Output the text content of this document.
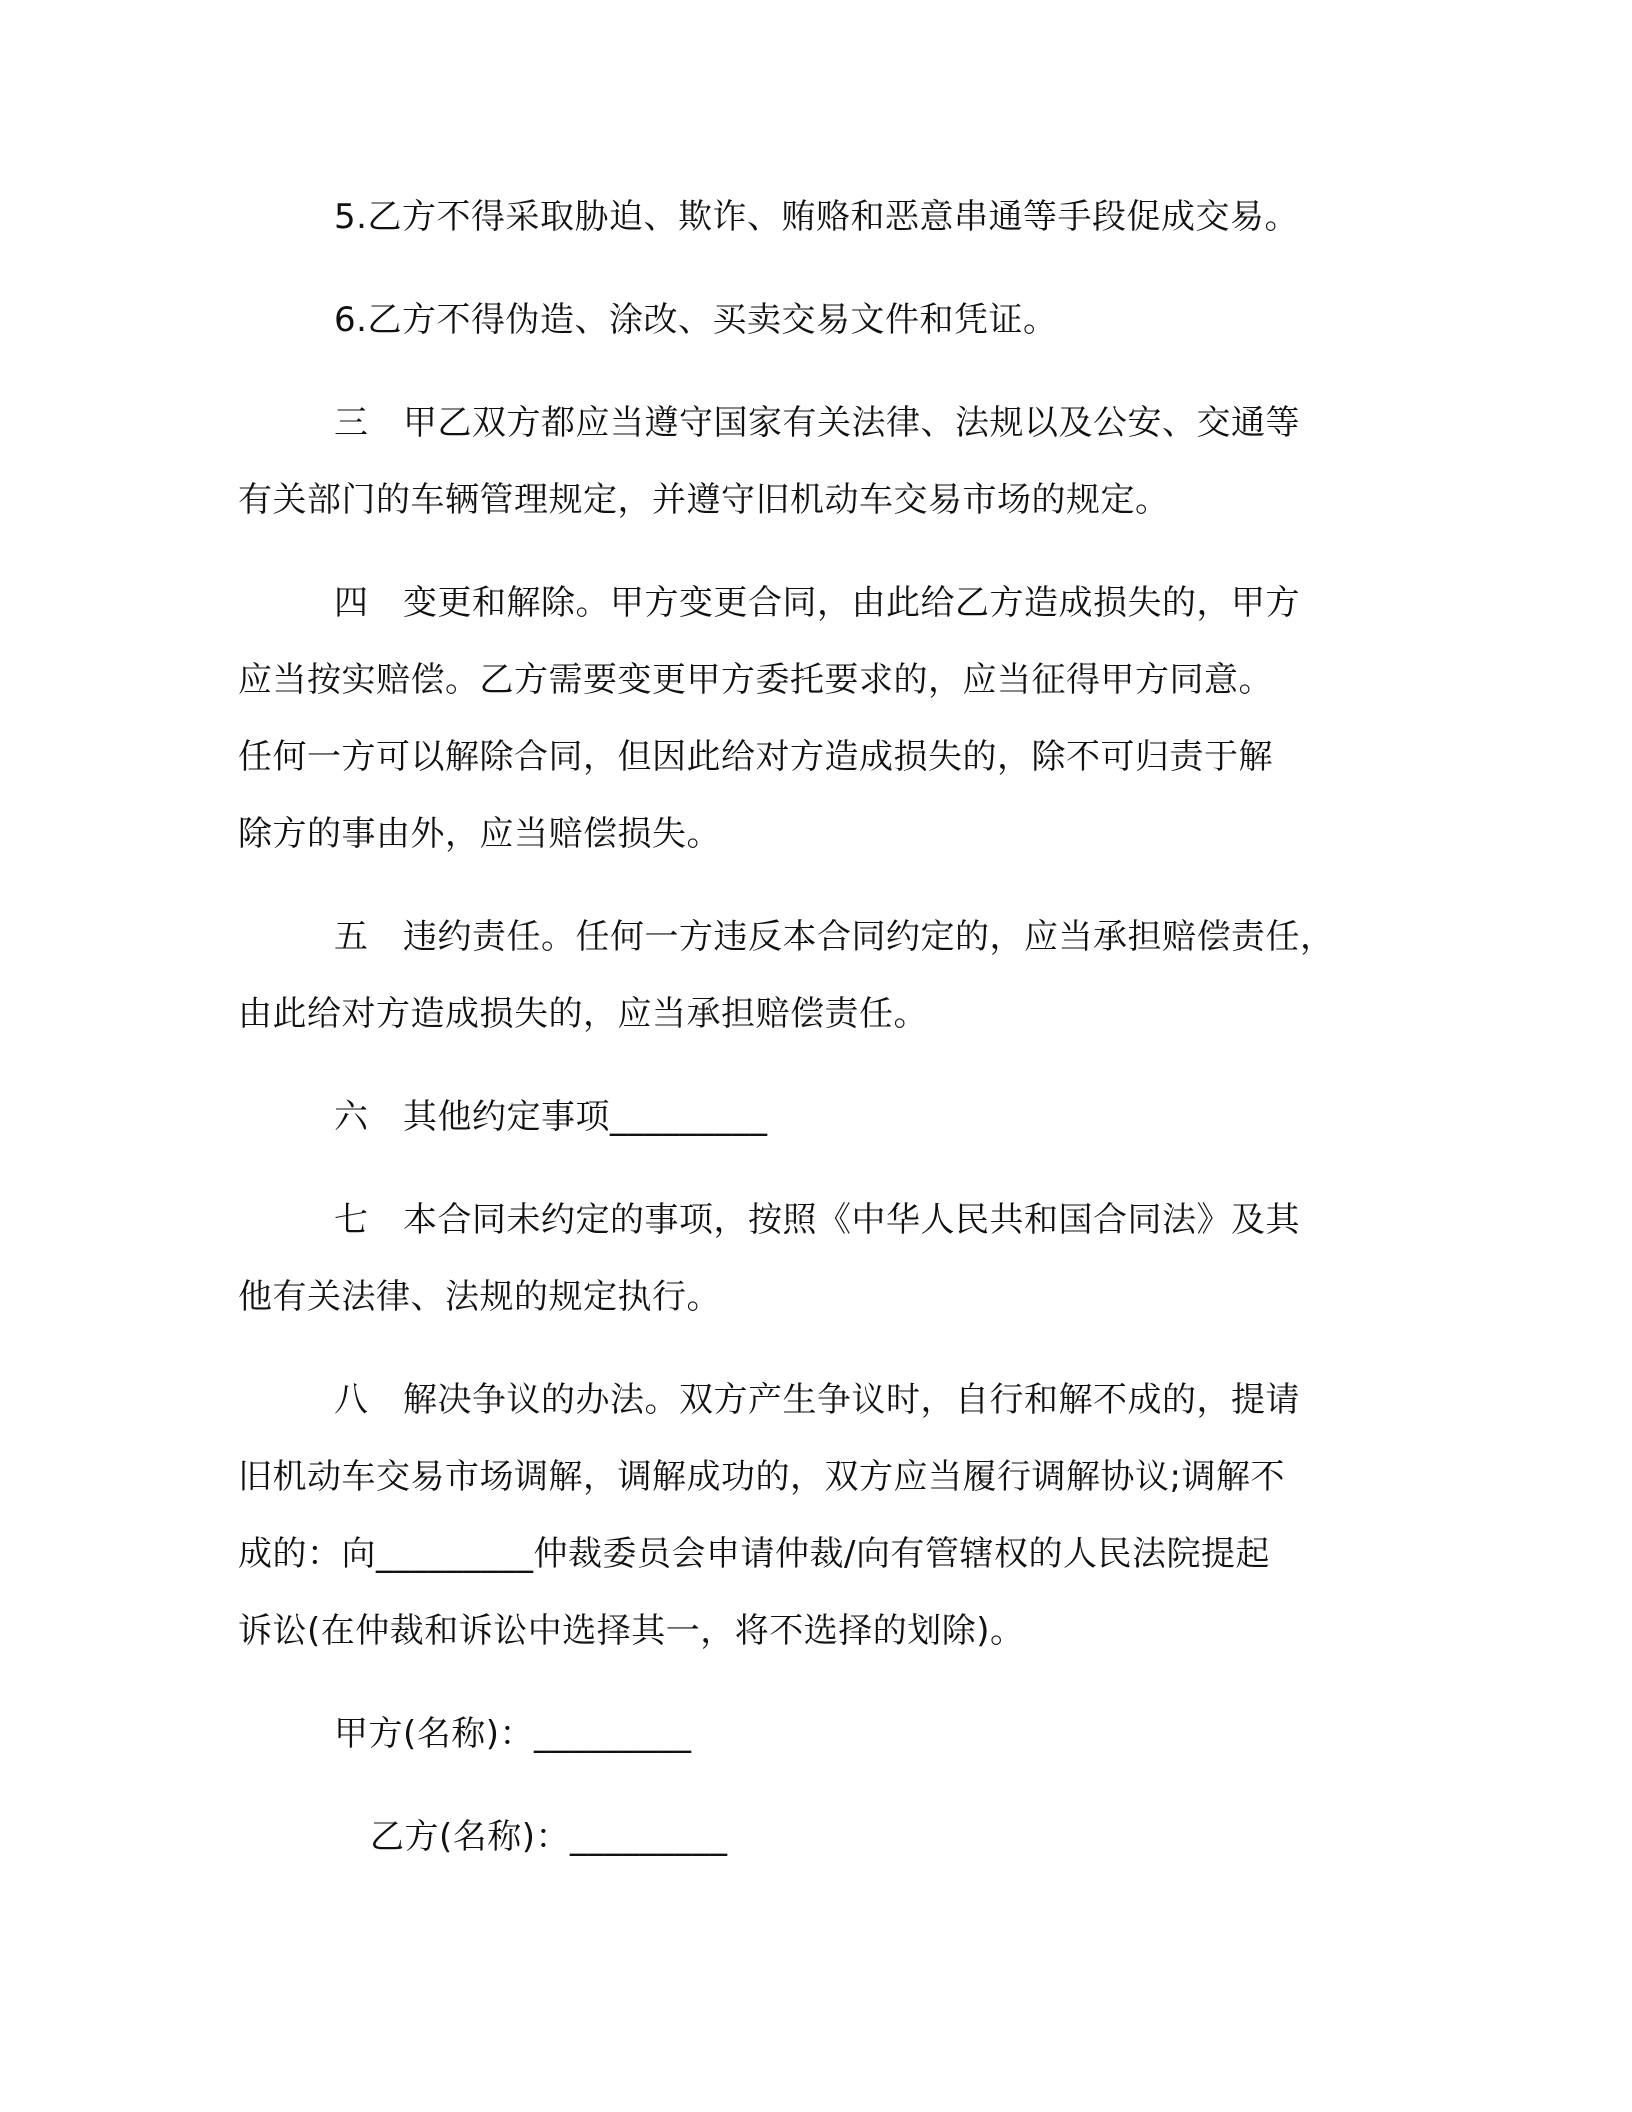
5.乙方不得采取胁迫、欺诈、贿赂和恶意串通等手段促成交易。
6.乙方不得伪造、涂改、买卖交易文件和凭证。
三　甲乙双方都应当遵守国家有关法律、法规以及公安、交通等
有关部门的车辆管理规定，并遵守旧机动车交易市场的规定。
四　变更和解除。甲方变更合同，由此给乙方造成损失的，甲方
应当按实赔偿。乙方需要变更甲方委托要求的，应当征得甲方同意。
任何一方可以解除合同，但因此给对方造成损失的，除不可归责于解
除方的事由外，应当赔偿损失。
五　违约责任。任何一方违反本合同约定的，应当承担赔偿责任，
由此给对方造成损失的，应当承担赔偿责任。
六　其他约定事项_________
七　本合同未约定的事项，按照《中华人民共和国合同法》及其
他有关法律、法规的规定执行。
八　解决争议的办法。双方产生争议时，自行和解不成的，提请
旧机动车交易市场调解，调解成功的，双方应当履行调解协议;调解不
成的：向_________仲裁委员会申请仲裁/向有管辖权的人民法院提起
诉讼(在仲裁和诉讼中选择其一，将不选择的划除)。
甲方(名称)：_________
乙方(名称)：_________
